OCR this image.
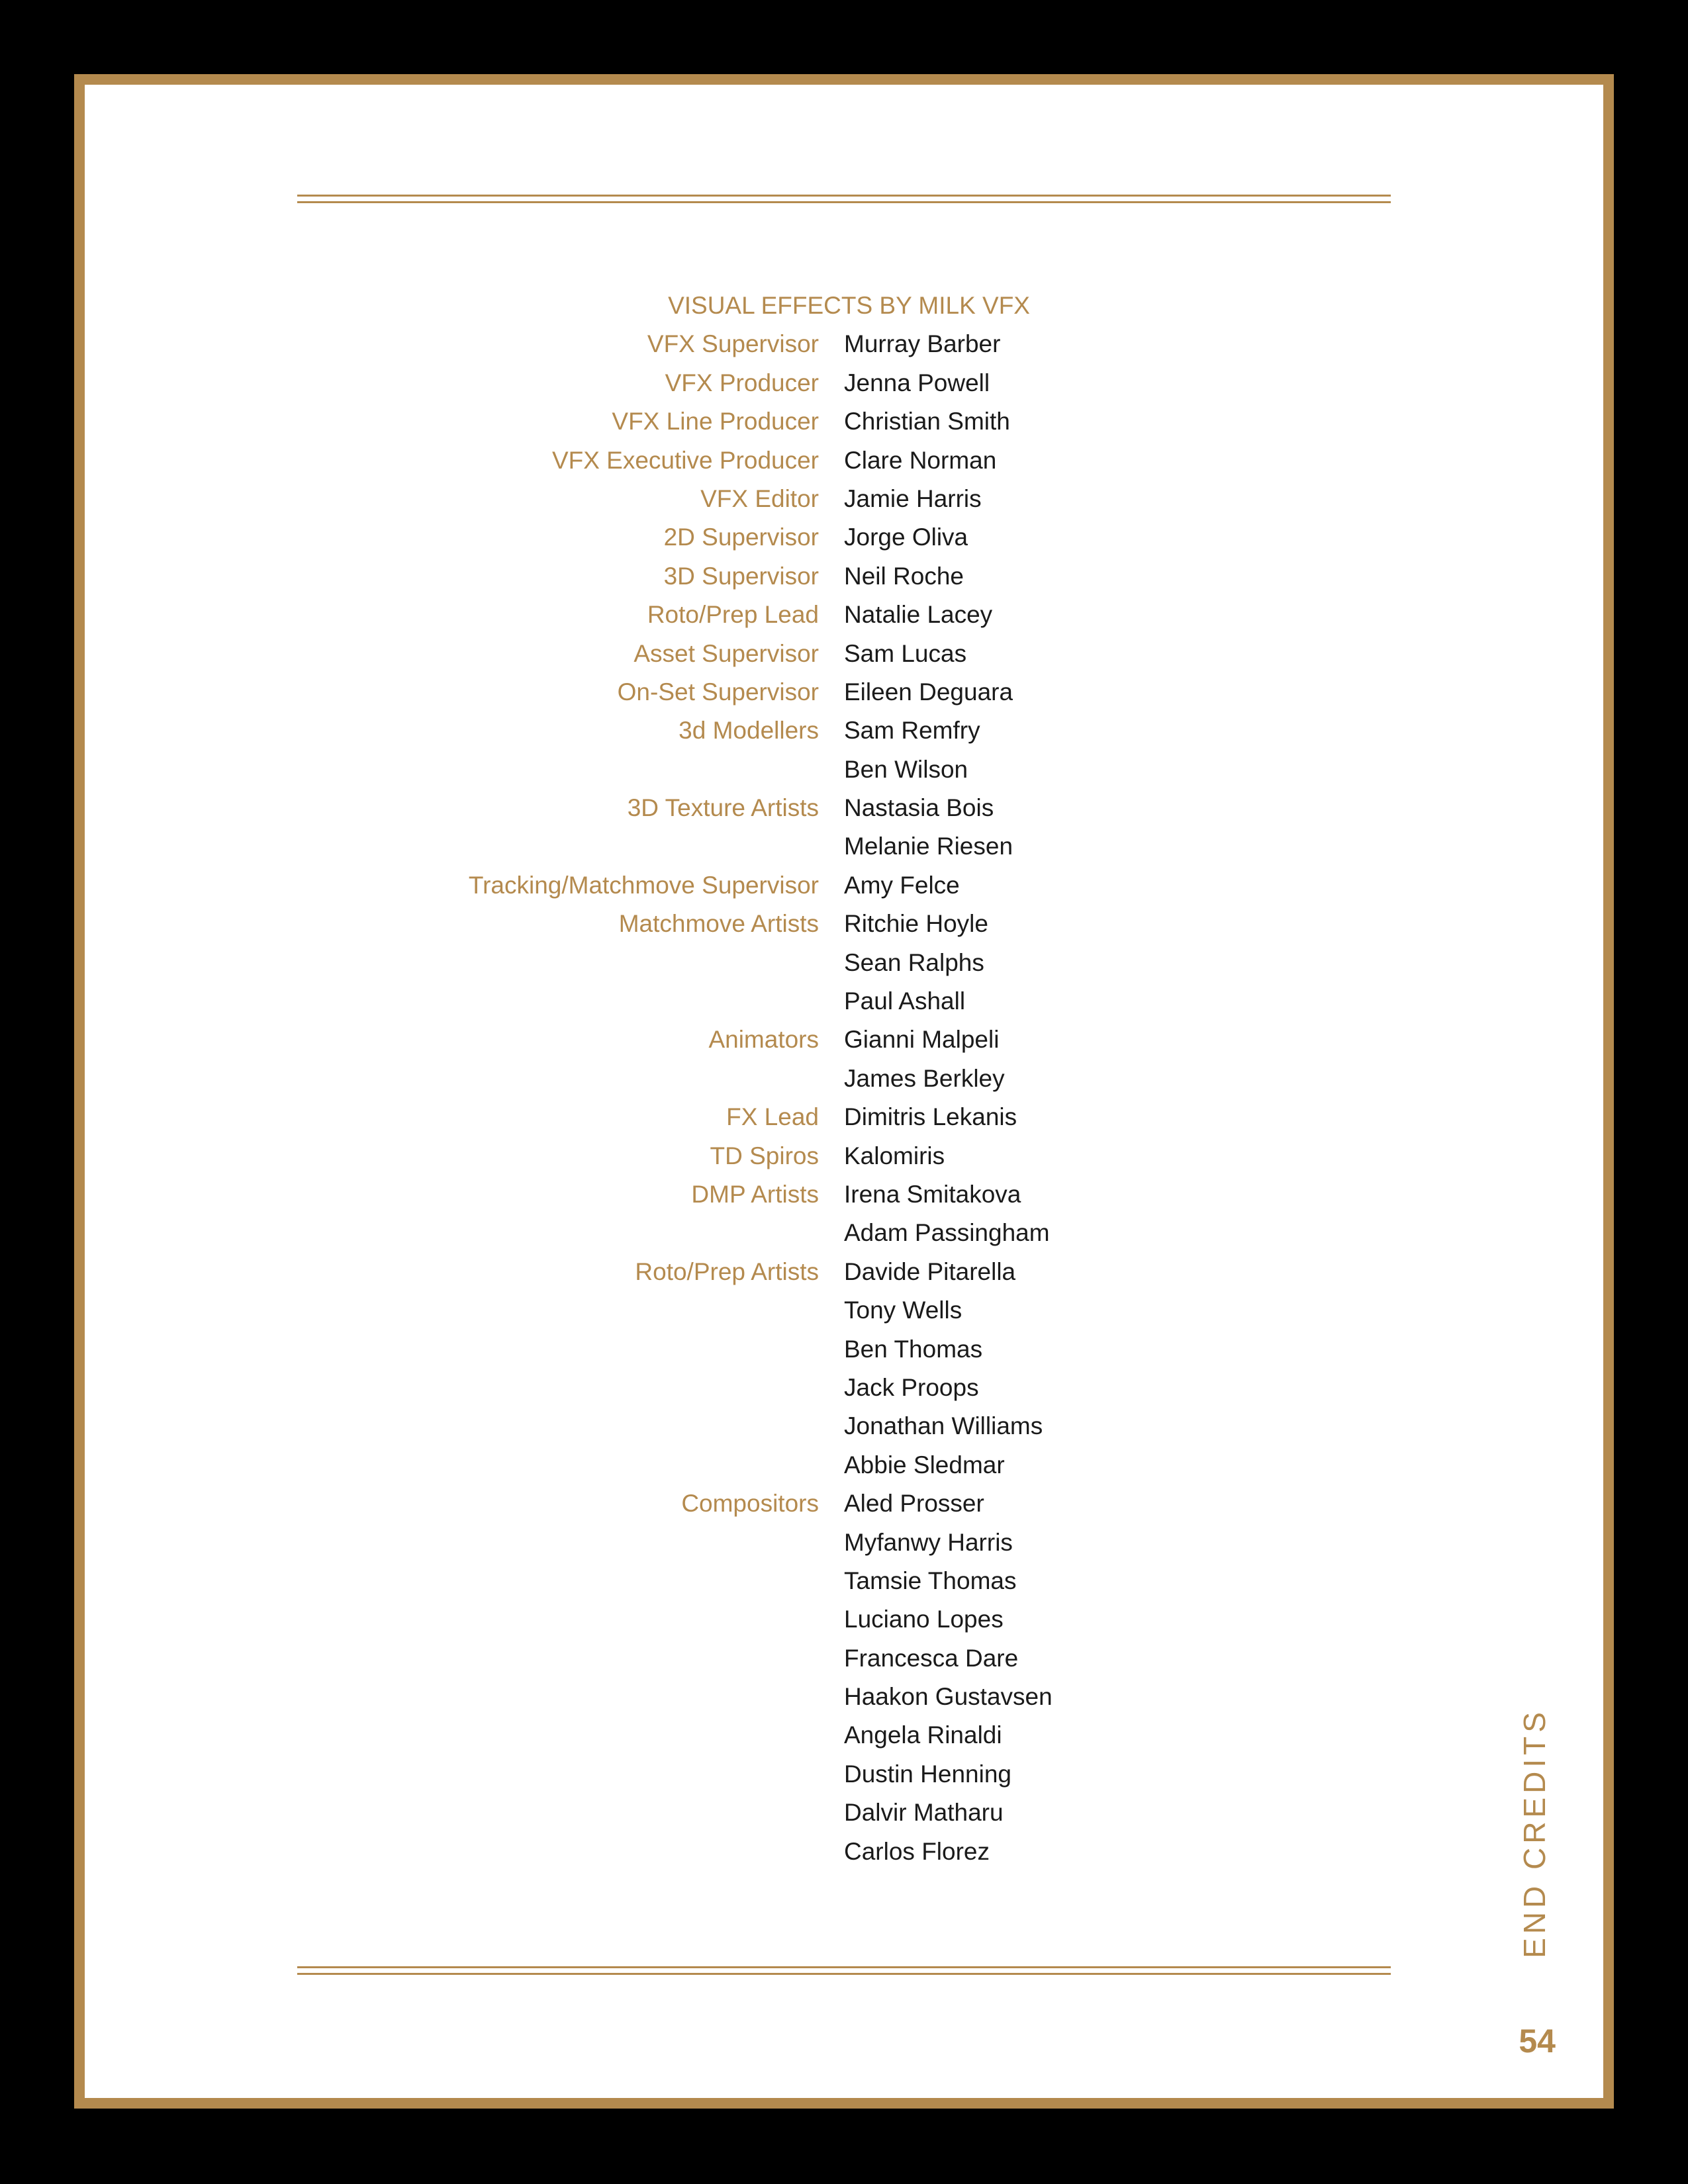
VISUAL EFFECTS BY MILK VFX
VFX Supervisor Murray Barber
VFX Producer Jenna Powell
VFX Line Producer Christian Smith
VFX Executive Producer Clare Norman
VFX Editor Jamie Harris
2D Supervisor Jorge Oliva
3D Supervisor Neil Roche
Roto/Prep Lead Natalie Lacey
Asset Supervisor Sam Lucas
On-Set Supervisor Eileen Deguara
3d Modellers Sam Remfry
Ben Wilson
3D Texture Artists Nastasia Bois
Melanie Riesen
Tracking/Matchmove Supervisor Amy Felce
Matchmove Artists Ritchie Hoyle
Sean Ralphs
Paul Ashall
Animators Gianni Malpeli
James Berkley
FX Lead Dimitris Lekanis
TD Spiros Kalomiris
DMP Artists Irena Smitakova
Adam Passingham
Roto/Prep Artists Davide Pitarella
Tony Wells
Ben Thomas
Jack Proops
Jonathan Williams
Abbie Sledmar
Compositors Aled Prosser
Myfanwy Harris
Tamsie Thomas
Luciano Lopes
Francesca Dare
Haakon Gustavsen
Angela Rinaldi
Dustin Henning
Dalvir Matharu
Carlos Florez	END CREDITS
54
